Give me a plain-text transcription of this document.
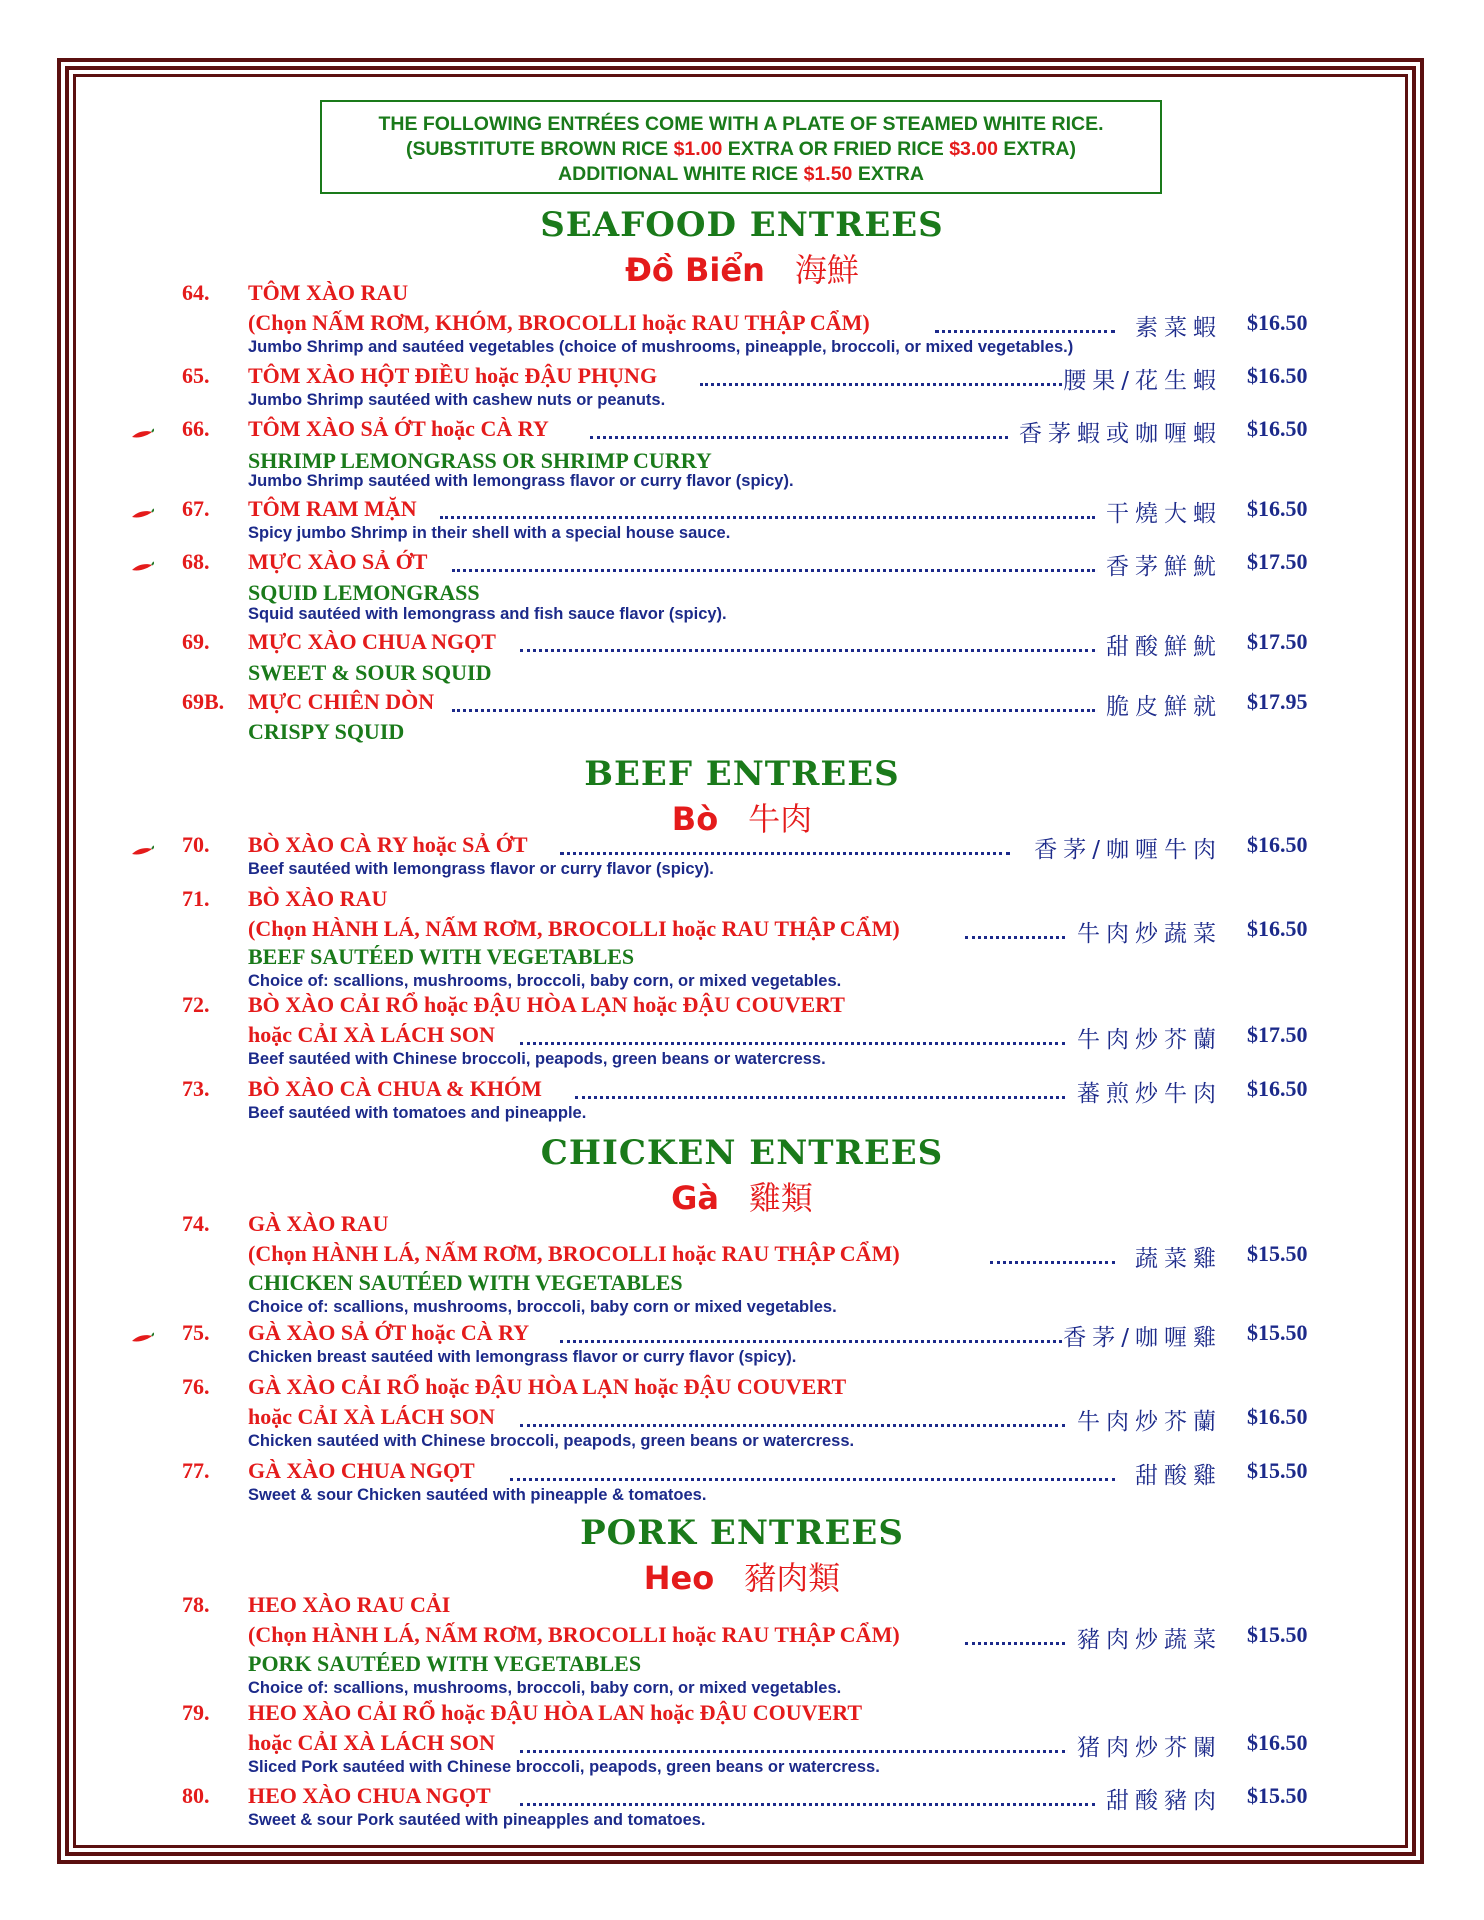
THE FOLLOWING ENTRÉES COME WITH A PLATE OF STEAMED WHITE RICE.
(SUBSTITUTE BROWN RICE $1.00 EXTRA OR FRIED RICE $3.00 EXTRA)
ADDITIONAL WHITE RICE $1.50 EXTRA
SEAFOOD ENTREES
Đồ Biển 海鮮
64. TÔM XÀO RAU
(Chọn NẤM RƠM, KHÓM, BROCOLLI hoặc RAU THẬP CẨM)	素菜蝦 $16.50
Jumbo Shrimp and sautéed vegetables (choice of mushrooms, pineapple, broccoli, or mixed vegetables.)
65. TÔM XÀO HỘT ĐIỀU hoặc ĐẬU PHỤNG	腰果/花生蝦 $16.50
Jumbo Shrimp sautéed with cashew nuts or peanuts.
66. TÔM XÀO SẢ ỚT hoặc CÀ RY	香茅蝦或咖喱蝦 $16.50
SHRIMP LEMONGRASS OR SHRIMP CURRY
Jumbo Shrimp sautéed with lemongrass flavor or curry flavor (spicy).
67. TÔM RAM MẶN	干燒大蝦 $16.50
Spicy jumbo Shrimp in their shell with a special house sauce.
68. MỰC XÀO SẢ ỚT	香茅鮮魷 $17.50
SQUID LEMONGRASS
Squid sautéed with lemongrass and fish sauce flavor (spicy).
69. MỰC XÀO CHUA NGỌT	甜酸鮮魷 $17.50
SWEET & SOUR SQUID
69B. MỰC CHIÊN DÒN	脆皮鮮就 $17.95
CRISPY SQUID
70. BÒ XÀO CÀ RY hoặc SẢ ỚT	香茅/咖喱牛肉 $16.50
Beef sautéed with lemongrass flavor or curry flavor (spicy).
71. BÒ XÀO RAU
(Chọn HÀNH LÁ, NẤM RƠM, BROCOLLI hoặc RAU THẬP CẨM)	牛肉炒蔬菜 $16.50
BEEF SAUTÉED WITH VEGETABLES
Choice of: scallions, mushrooms, broccoli, baby corn, or mixed vegetables.
72. BÒ XÀO CẢI RỔ hoặc ĐẬU HÒA LẠN hoặc ĐẬU COUVERT
hoặc CẢI XÀ LÁCH SON	牛肉炒芥蘭 $17.50
Beef sautéed with Chinese broccoli, peapods, green beans or watercress.
73. BÒ XÀO CÀ CHUA & KHÓM	蕃煎炒牛肉 $16.50
Beef sautéed with tomatoes and pineapple.
74. GÀ XÀO RAU
(Chọn HÀNH LÁ, NẤM RƠM, BROCOLLI hoặc RAU THẬP CẨM)	蔬菜雞 $15.50
CHICKEN SAUTÉED WITH VEGETABLES
Choice of: scallions, mushrooms, broccoli, baby corn or mixed vegetables.
75. GÀ XÀO SẢ ỚT hoặc CÀ RY	香茅/咖喱雞 $15.50
Chicken breast sautéed with lemongrass flavor or curry flavor (spicy).
76. GÀ XÀO CẢI RỔ hoặc ĐẬU HÒA LẠN hoặc ĐẬU COUVERT
hoặc CẢI XÀ LÁCH SON	牛肉炒芥蘭 $16.50
Chicken sautéed with Chinese broccoli, peapods, green beans or watercress.
77. GÀ XÀO CHUA NGỌT	甜酸雞 $15.50
Sweet & sour Chicken sautéed with pineapple & tomatoes.
78. HEO XÀO RAU CẢI
(Chọn HÀNH LÁ, NẤM RƠM, BROCOLLI hoặc RAU THẬP CẨM)	豬肉炒蔬菜 $15.50
PORK SAUTÉED WITH VEGETABLES
Choice of: scallions, mushrooms, broccoli, baby corn, or mixed vegetables.
79. HEO XÀO CẢI RỔ hoặc ĐẬU HÒA LAN hoặc ĐẬU COUVERT
hoặc CẢI XÀ LÁCH SON	猪肉炒芥闌 $16.50
Sliced Pork sautéed with Chinese broccoli, peapods, green beans or watercress.
80. HEO XÀO CHUA NGỌT	甜酸豬肉 $15.50
Sweet & sour Pork sautéed with pineapples and tomatoes.
BEEF ENTREES
Bò 牛肉
CHICKEN ENTREES
Gà 雞類
PORK ENTREES
Heo 豬肉類
